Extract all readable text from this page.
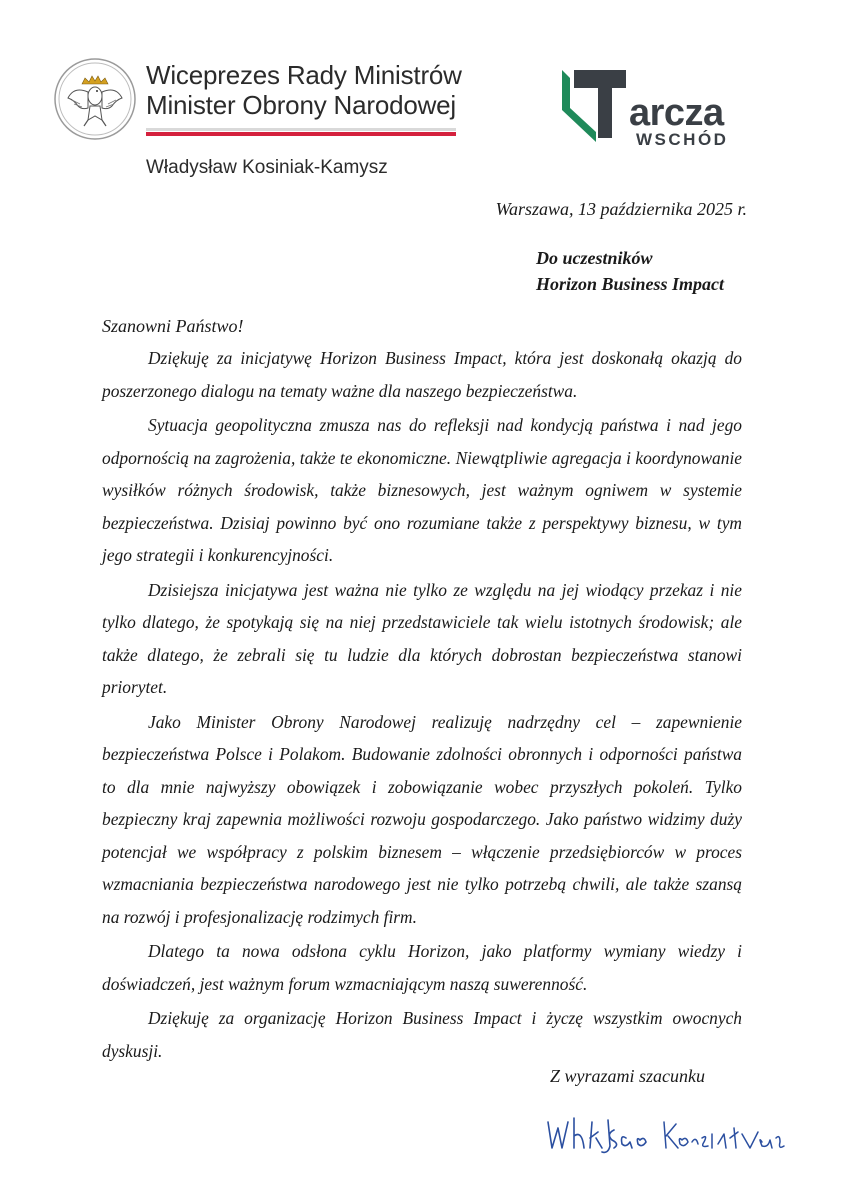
Wiceprezes Rady Ministrów
Minister Obrony Narodowej
Władysław Kosiniak-Kamysz
arcza
WSCHÓD
Warszawa, 13 października 2025 r.
Do uczestników
Horizon Business Impact
Szanowni Państwo!

Dziękuję za inicjatywę Horizon Business Impact, która jest doskonałą okazją do poszerzonego dialogu na tematy ważne dla naszego bezpieczeństwa.

Sytuacja geopolityczna zmusza nas do refleksji nad kondycją państwa i nad jego odpornością na zagrożenia, także te ekonomiczne. Niewątpliwie agregacja i koordynowanie wysiłków różnych środowisk, także biznesowych, jest ważnym ogniwem w systemie bezpieczeństwa. Dzisiaj powinno być ono rozumiane także z perspektywy biznesu, w tym jego strategii i konkurencyjności.

Dzisiejsza inicjatywa jest ważna nie tylko ze względu na jej wiodący przekaz i nie tylko dlatego, że spotykają się na niej przedstawiciele tak wielu istotnych środowisk; ale także dlatego, że zebrali się tu ludzie dla których dobrostan bezpieczeństwa stanowi priorytet.

Jako Minister Obrony Narodowej realizuję nadrzędny cel – zapewnienie bezpieczeństwa Polsce i Polakom. Budowanie zdolności obronnych i odporności państwa to dla mnie najwyższy obowiązek i zobowiązanie wobec przyszłych pokoleń. Tylko bezpieczny kraj zapewnia możliwości rozwoju gospodarczego. Jako państwo widzimy duży potencjał we współpracy z polskim biznesem – włączenie przedsiębiorców w proces wzmacniania bezpieczeństwa narodowego jest nie tylko potrzebą chwili, ale także szansą na rozwój i profesjonalizację rodzimych firm.

Dlatego ta nowa odsłona cyklu Horizon, jako platformy wymiany wiedzy i doświadczeń, jest ważnym forum wzmacniającym naszą suwerenność.

Dziękuję za organizację Horizon Business Impact i życzę wszystkim owocnych dyskusji.

Z wyrazami szacunku
